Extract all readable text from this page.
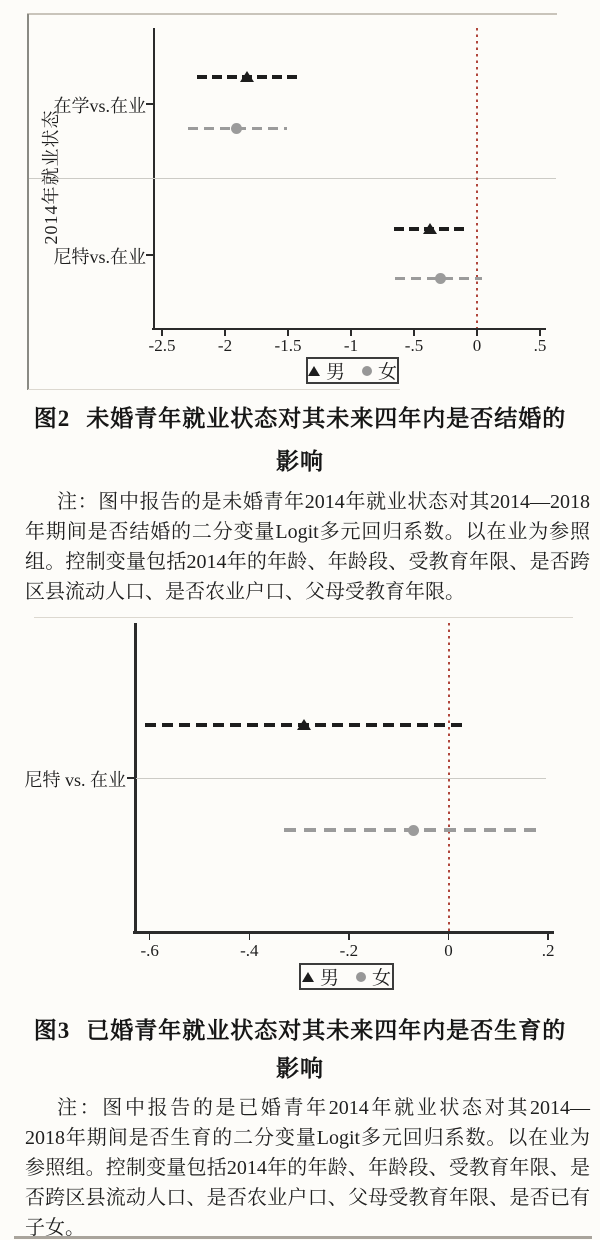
-2.5	-2	-1.5	-1	-.5	0	.5
在学vs.在业
尼特vs.在业
2014年就业状态
男 女
图2 未婚青年就业状态对其未来四年内是否结婚的
影响
注：图中报告的是未婚青年2014年就业状态对其2014—2018
年期间是否结婚的二分变量Logit多元回归系数。以在业为参照
组。控制变量包括2014年的年龄、年龄段、受教育年限、是否跨
区县流动人口、是否农业户口、父母受教育年限。
-.6	-.4	-.2	0	.2
尼特 vs. 在业
男 女
图3 已婚青年就业状态对其未来四年内是否生育的
影响
注：图中报告的是已婚青年2014年就业状态对其2014—
2018年期间是否生育的二分变量Logit多元回归系数。以在业为
参照组。控制变量包括2014年的年龄、年龄段、受教育年限、是
否跨区县流动人口、是否农业户口、父母受教育年限、是否已有
子女。
